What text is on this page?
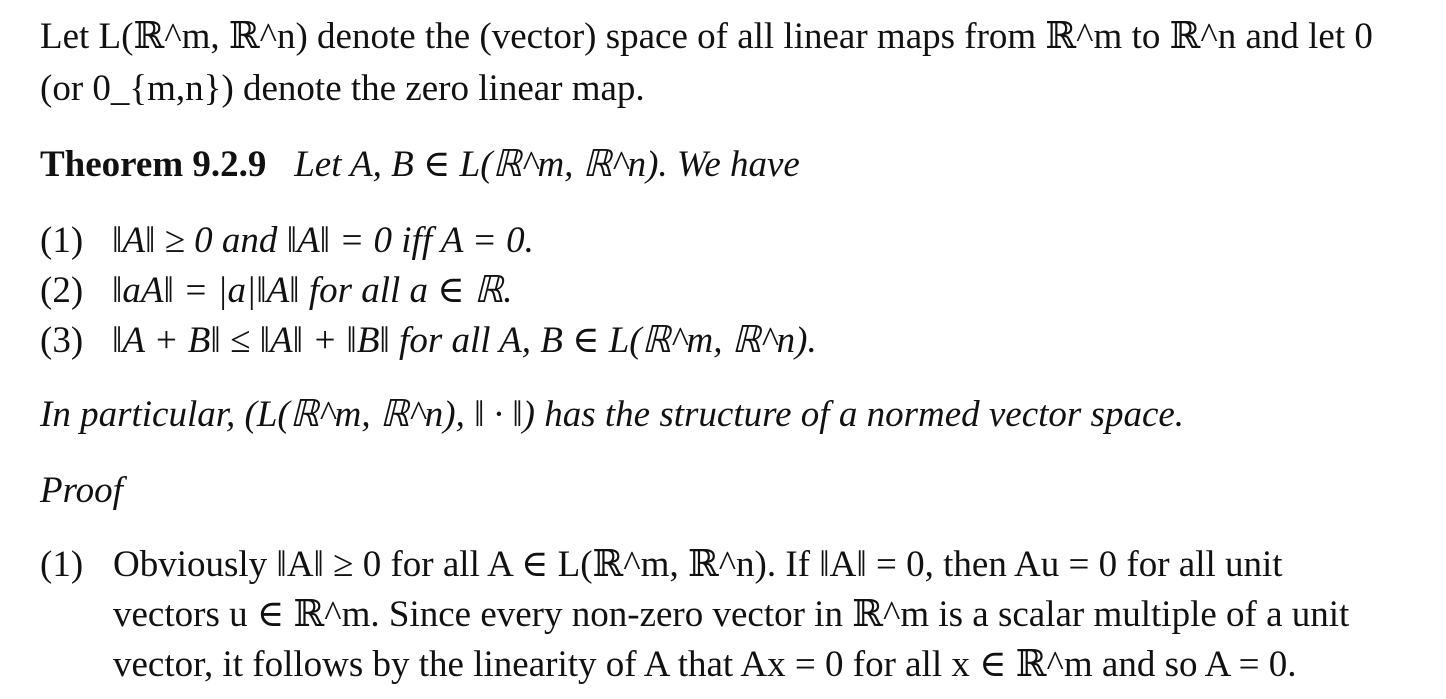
Let L(ℝ^m, ℝ^n) denote the (vector) space of all linear maps from ℝ^m to ℝ^n and let 0
(or 0_{m,n}) denote the zero linear map.
Theorem 9.2.9 Let A, B ∈ L(ℝ^m, ℝ^n). We have
(1) ‖A‖ ≥ 0 and ‖A‖ = 0 iff A = 0.
(2) ‖aA‖ = |a|‖A‖ for all a ∈ ℝ.
(3) ‖A + B‖ ≤ ‖A‖ + ‖B‖ for all A, B ∈ L(ℝ^m, ℝ^n).
In particular, (L(ℝ^m, ℝ^n), ‖ · ‖) has the structure of a normed vector space.
Proof
(1) Obviously ‖A‖ ≥ 0 for all A ∈ L(ℝ^m, ℝ^n). If ‖A‖ = 0, then Au = 0 for all unit
vectors u ∈ ℝ^m. Since every non-zero vector in ℝ^m is a scalar multiple of a unit
vector, it follows by the linearity of A that Ax = 0 for all x ∈ ℝ^m and so A = 0.
